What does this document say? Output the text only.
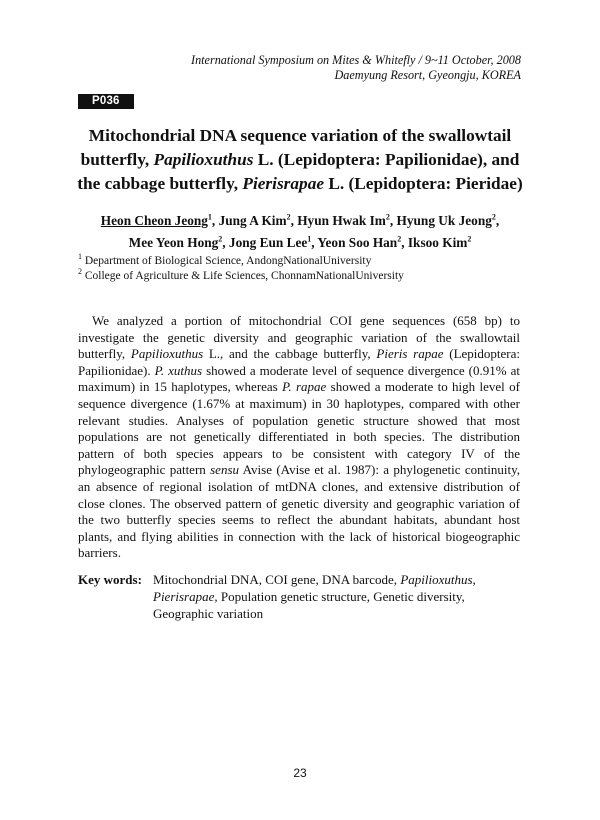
International Symposium on Mites & Whitefly / 9~11 October, 2008
Daemyung Resort, Gyeongju, KOREA
P036
Mitochondrial DNA sequence variation of the swallowtail butterfly, Papilioxuthus L. (Lepidoptera: Papilionidae), and the cabbage butterfly, Pierisrapae L. (Lepidoptera: Pieridae)
Heon Cheon Jeong$^1$, Jung A Kim$^2$, Hyun Hwak Im$^2$, Hyung Uk Jeong$^2$,
Mee Yeon Hong$^2$, Jong Eun Lee$^1$, Yeon Soo Han$^2$, Iksoo Kim$^2$
$^1$ Department of Biological Science, AndongNationalUniversity
$^2$ College of Agriculture & Life Sciences, ChonnamNationalUniversity

We analyzed a portion of mitochondrial COI gene sequences (658 bp) to investigate the genetic diversity and geographic variation of the swallowtail butterfly, Papilioxuthus L., and the cabbage butterfly, Pieris rapae (Lepidoptera: Papilionidae). P. xuthus showed a moderate level of sequence divergence (0.91% at maximum) in 15 haplotypes, whereas P. rapae showed a moderate to high level of sequence divergence (1.67% at maximum) in 30 haplotypes, compared with other relevant studies. Analyses of population genetic structure showed that most populations are not genetically differentiated in both species. The distribution pattern of both species appears to be consistent with category IV of the phylogeographic pattern sensu Avise (Avise et al. 1987): a phylogenetic continuity, an absence of regional isolation of mtDNA clones, and extensive distribution of close clones. The observed pattern of genetic diversity and geographic variation of the two butterfly species seems to reflect the abundant habitats, abundant host plants, and flying abilities in connection with the lack of historical biogeographic barriers.

Key words: Mitochondrial DNA, COI gene, DNA barcode, Papilioxuthus, Pierisrapae, Population genetic structure, Genetic diversity, Geographic variation
23
